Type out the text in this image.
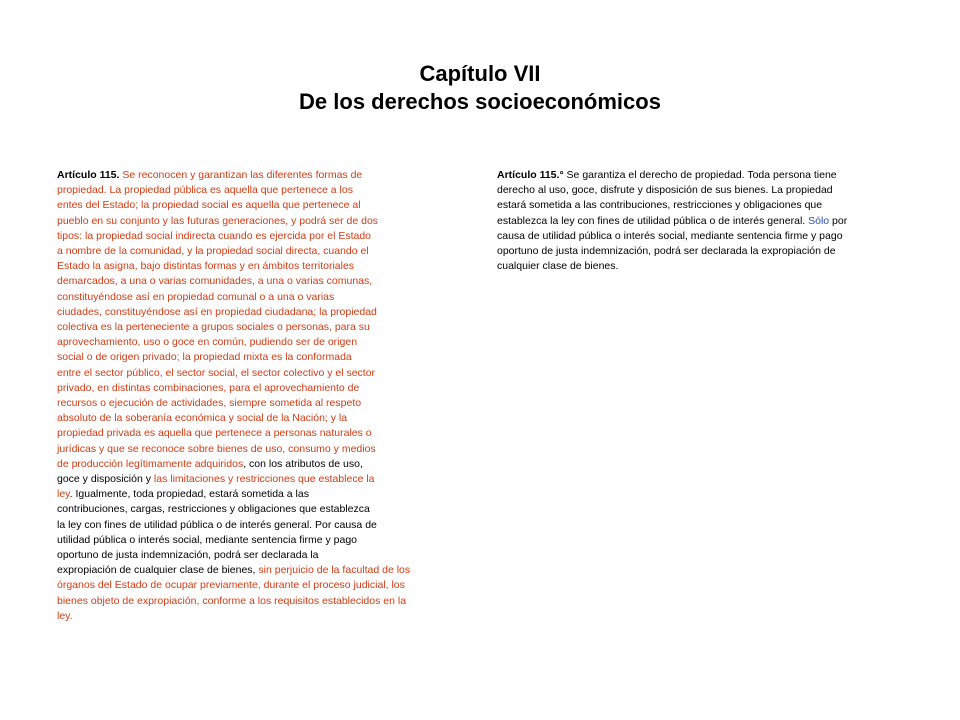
Capítulo VII
De los derechos socioeconómicos
Artículo 115. Se reconocen y garantizan las diferentes formas de
propiedad. La propiedad pública es aquella que pertenece a los
entes del Estado; la propiedad social es aquella que pertenece al
pueblo en su conjunto y las futuras generaciones, y podrá ser de dos
tipos: la propiedad social indirecta cuando es ejercida por el Estado
a nombre de la comunidad, y la propiedad social directa, cuando el
Estado la asigna, bajo distintas formas y en ámbitos territoriales
demarcados, a una o varias comunidades, a una o varias comunas,
constituyéndose así en propiedad comunal o a una o varias
ciudades, constituyéndose así en propiedad ciudadana; la propiedad
colectiva es la perteneciente a grupos sociales o personas, para su
aprovechamiento, uso o goce en común, pudiendo ser de origen
social o de origen privado; la propiedad mixta es la conformada
entre el sector público, el sector social, el sector colectivo y el sector
privado, en distintas combinaciones, para el aprovechamiento de
recursos o ejecución de actividades, siempre sometida al respeto
absoluto de la soberanía económica y social de la Nación; y la
propiedad privada es aquella que pertenece a personas naturales o
jurídicas y que se reconoce sobre bienes de uso, consumo y medios
de producción legítimamente adquiridos, con los atributos de uso,
goce y disposición y las limitaciones y restricciones que establece la
ley. Igualmente, toda propiedad, estará sometida a las
contribuciones, cargas, restricciones y obligaciones que establezca
la ley con fines de utilidad pública o de interés general. Por causa de
utilidad pública o interés social, mediante sentencia firme y pago
oportuno de justa indemnización, podrá ser declarada la
expropiación de cualquier clase de bienes, sin perjuicio de la facultad de los
órganos del Estado de ocupar previamente, durante el proceso judicial, los
bienes objeto de expropiación, conforme a los requisitos establecidos en la
ley.
Artículo 115.° Se garantiza el derecho de propiedad. Toda persona tiene
derecho al uso, goce, disfrute y disposición de sus bienes. La propiedad
estará sometida a las contribuciones, restricciones y obligaciones que
establezca la ley con fines de utilidad pública o de interés general. Sólo por
causa de utilidad pública o interés social, mediante sentencia firme y pago
oportuno de justa indemnización, podrá ser declarada la expropiación de
cualquier clase de bienes.
